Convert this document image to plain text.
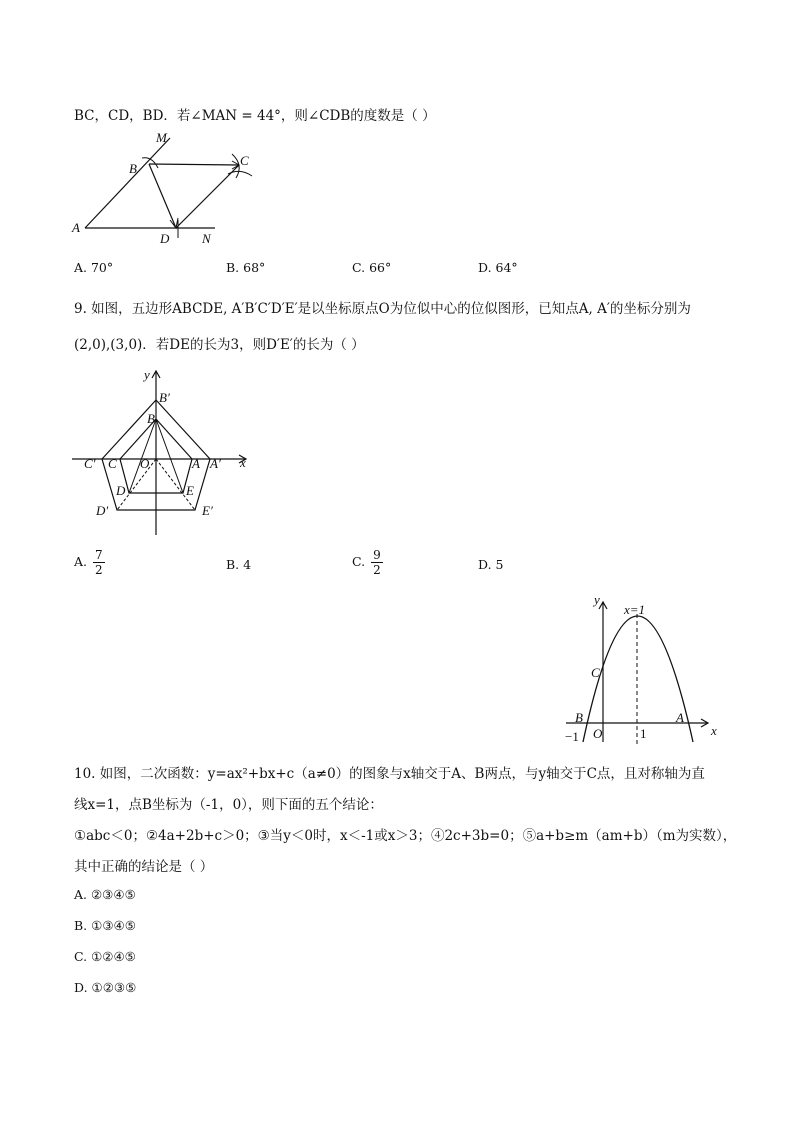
BC，CD，BD．若∠MAN = 44°，则∠CDB的度数是（ ）
M
B
C
A
D	N
A. 70°	B. 68°	C. 66°	D. 64°
9. 如图，五边形ABCDE, A′B′C′D′E′是以坐标原点O为位似中心的位似图形，已知点A, A′的坐标分别为
(2,0),(3,0)．若DE的长为3，则D′E′的长为（ ）
y
x
B′
B
C′ C O	A A′
D	E
D′	E′
A. $\frac{7}{2}$	B. 4	C. $\frac{9}{2}$	D. 5
y
x
x=1
C
B	A
O
−1	1
10. 如图，二次函数：y=ax²+bx+c（a≠0）的图象与x轴交于A、B两点，与y轴交于C点，且对称轴为直
线x=1，点B坐标为（-1，0），则下面的五个结论：
①abc＜0；②4a+2b+c＞0；③当y＜0时，x＜-1或x＞3；④2c+3b=0；⑤a+b≥m（am+b）（m为实数），
其中正确的结论是（ ）
A. ②③④⑤
B. ①③④⑤
C. ①②④⑤
D. ①②③⑤
